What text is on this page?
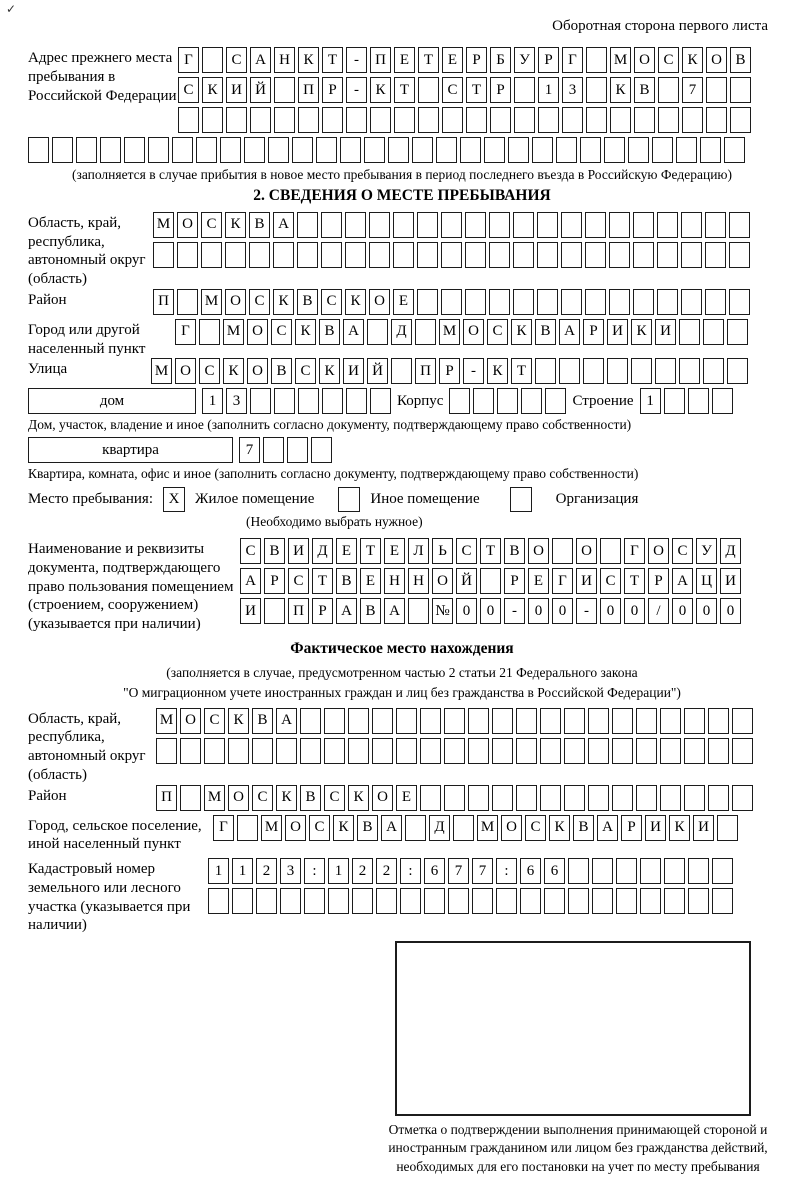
✓
Оборотная сторона первого листа
Адрес прежнего места пребывания в Российской Федерации
Г	С А Н К Т	-	П Е Т Е	Р	Б У Р	Г	М О С К О В
С К И Й	П Р	-	К Т	С Т	Р	1	3	К В	7
(заполняется в случае прибытия в новое место пребывания в период последнего въезда в Российскую Федерацию)
2. СВЕДЕНИЯ О МЕСТЕ ПРЕБЫВАНИЯ
Область, край, республика, автономный округ (область)
М О С К В А
Район	П	М О С К В С К О Е
Город или другой населенный пункт
Г	М О С К В А	Д	М О С К В А Р И К И
Улица	М О С К О В С К И Й	П Р	-	К Т
дом	1	3	Корпус	Строение 1
Дом, участок, владение и иное (заполнить согласно документу, подтверждающему право собственности)
квартира	7
Квартира, комната, офис и иное (заполнить согласно документу, подтверждающему право собственности)
Место пребывания:	X	Жилое помещение	Иное помещение	Организация
(Необходимо выбрать нужное)
Наименование и реквизиты документа, подтверждающего право пользования помещением (строением, сооружением) (указывается при наличии)
С В И Д Е Т Е Л Ь С Т В О	О	Г О С У Д
А Р С Т В Е Н Н О Й	Р	Е	Г И С Т	Р А Ц И
И	П Р А В А	№ 0	0	-	0	0	-	0	0	/	0	0	0
Фактическое место нахождения
(заполняется в случае, предусмотренном частью 2 статьи 21 Федерального закона
"О миграционном учете иностранных граждан и лиц без гражданства в Российской Федерации")
Область, край, республика, автономный округ (область)
М О С К В А
Район	П	М О С К В С К О Е
Город, сельское поселение, иной населенный пункт
Г	М О С К В А	Д	М О С К В А Р И К И
Кадастровый номер земельного или лесного участка (указывается при наличии)
1	1	2	3	:	1	2	2	:	6	7	7	:	6	6
Отметка о подтверждении выполнения принимающей стороной и иностранным гражданином или лицом без гражданства действий, необходимых для его постановки на учет по месту пребывания
